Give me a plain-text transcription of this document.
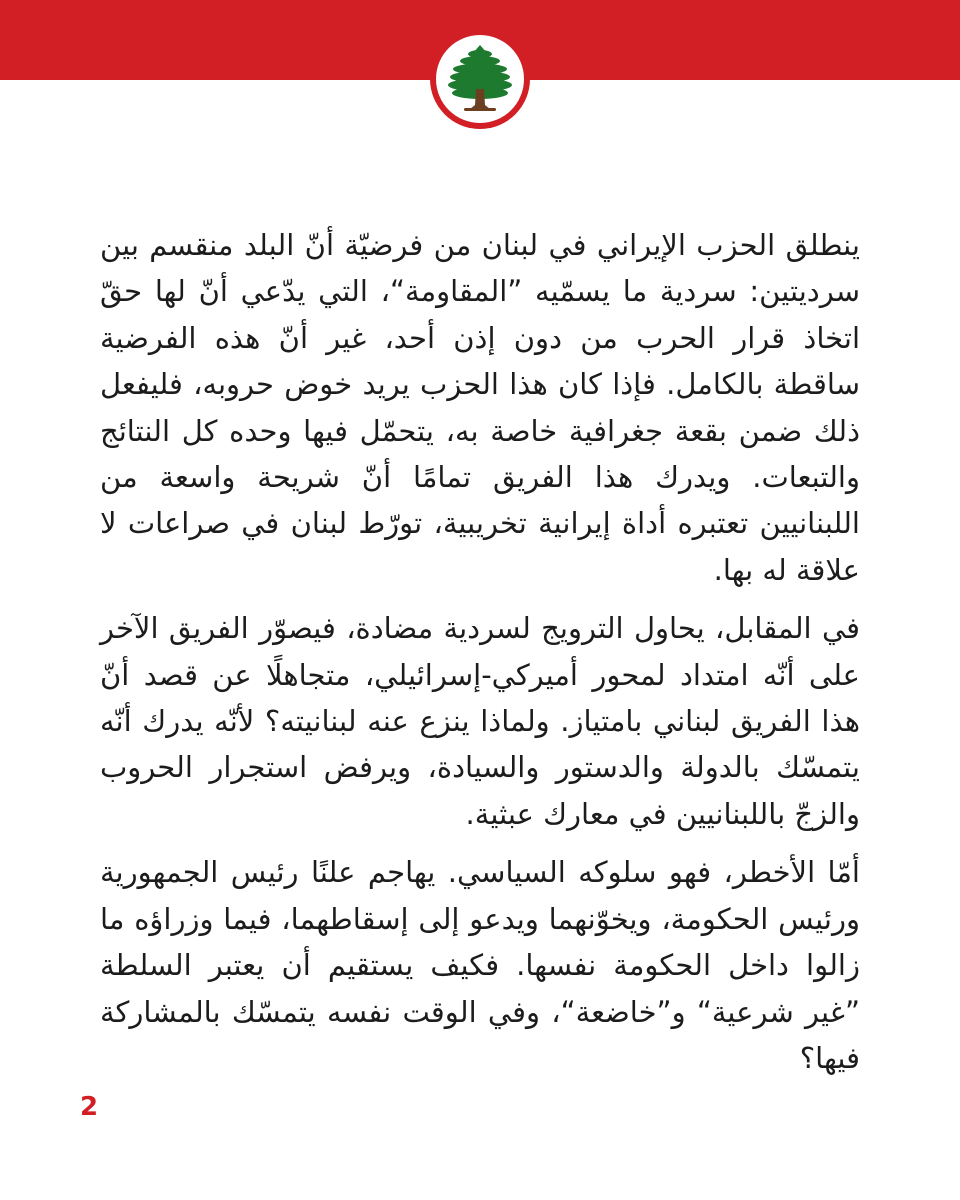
ينطلق الحزب الإيراني في لبنان من فرضيّة أنّ البلد منقسم بين سرديتين: سردية ما يسمّيه ”المقاومة“، التي يدّعي أنّ لها حقّ اتخاذ قرار الحرب من دون إذن أحد، غير أنّ هذه الفرضية ساقطة بالكامل. فإذا كان هذا الحزب يريد خوض حروبه، فليفعل ذلك ضمن بقعة جغرافية خاصة به، يتحمّل فيها وحده كل النتائج والتبعات. ويدرك هذا الفريق تمامًا أنّ شريحة واسعة من اللبنانيين تعتبره أداة إيرانية تخريبية، تورّط لبنان في صراعات لا علاقة له بها.

في المقابل، يحاول الترويج لسردية مضادة، فيصوّر الفريق الآخر على أنّه امتداد لمحور أميركي-إسرائيلي، متجاهلًا عن قصد أنّ هذا الفريق لبناني بامتياز. ولماذا ينزع عنه لبنانيته؟ لأنّه يدرك أنّه يتمسّك بالدولة والدستور والسيادة، ويرفض استجرار الحروب والزجّ باللبنانيين في معارك عبثية.

أمّا الأخطر، فهو سلوكه السياسي. يهاجم علنًا رئيس الجمهورية ورئيس الحكومة، ويخوّنهما ويدعو إلى إسقاطهما، فيما وزراؤه ما زالوا داخل الحكومة نفسها. فكيف يستقيم أن يعتبر السلطة ”غير شرعية“ و”خاضعة“، وفي الوقت نفسه يتمسّك بالمشاركة فيها؟

2
